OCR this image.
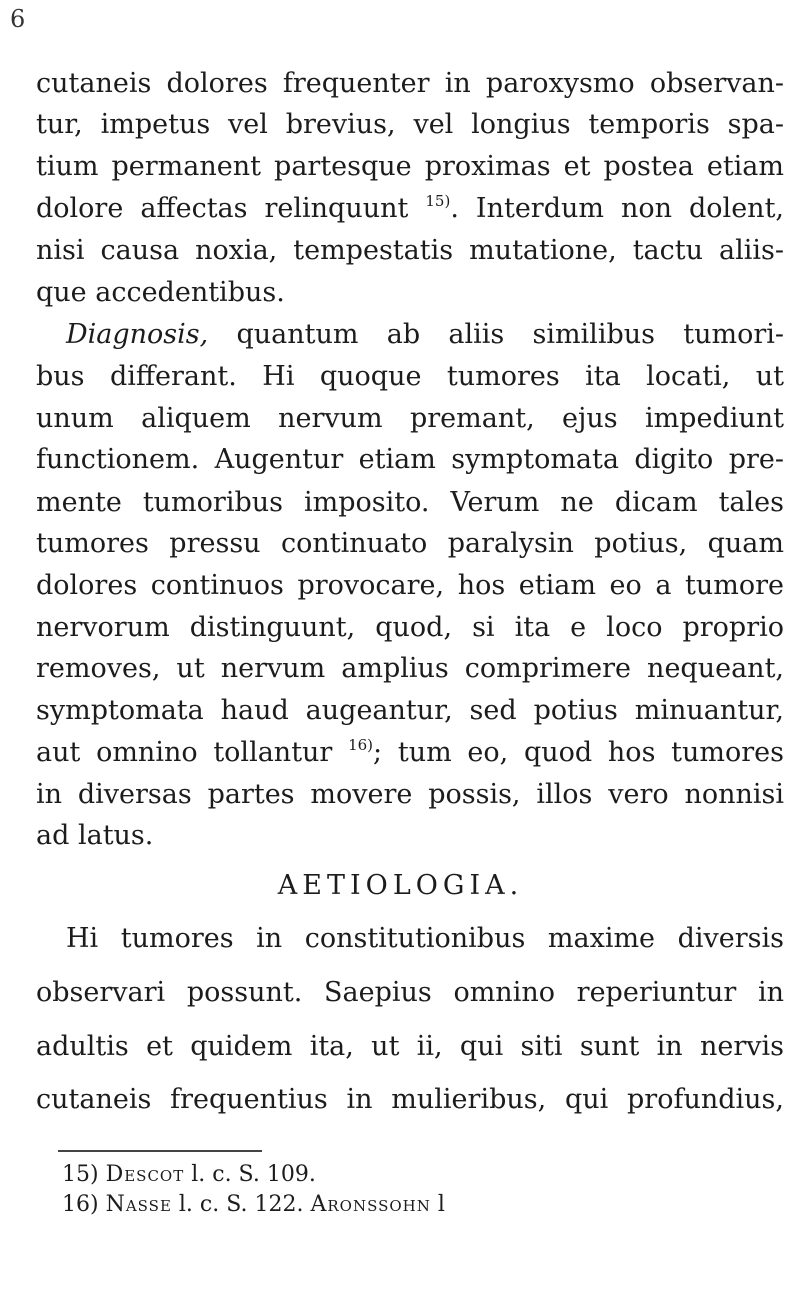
6
cutaneis dolores frequenter in paroxysmo observan-
tur, impetus vel brevius, vel longius temporis spa-
tium permanent partesque proximas et postea etiam
dolore affectas relinquunt $^{15)}$. Interdum non dolent,
nisi causa noxia, tempestatis mutatione, tactu aliis-
que accedentibus.
Diagnosis, quantum ab aliis similibus tumori-
bus differant. Hi quoque tumores ita locati, ut
unum aliquem nervum premant, ejus impediunt
functionem. Augentur etiam symptomata digito pre-
mente tumoribus imposito. Verum ne dicam tales
tumores pressu continuato paralysin potius, quam
dolores continuos provocare, hos etiam eo a tumore
nervorum distinguunt, quod, si ita e loco proprio
removes, ut nervum amplius comprimere nequeant,
symptomata haud augeantur, sed potius minuantur,
aut omnino tollantur $^{16)}$; tum eo, quod hos tumores
in diversas partes movere possis, illos vero nonnisi
ad latus.
AETIOLOGIA.
Hi tumores in constitutionibus maxime diversis
observari possunt. Saepius omnino reperiuntur in
adultis et quidem ita, ut ii, qui siti sunt in nervis
cutaneis frequentius in mulieribus, qui profundius,
15) Descot l. c. S. 109.
16) Nasse l. c. S. 122. Aronssohn l
